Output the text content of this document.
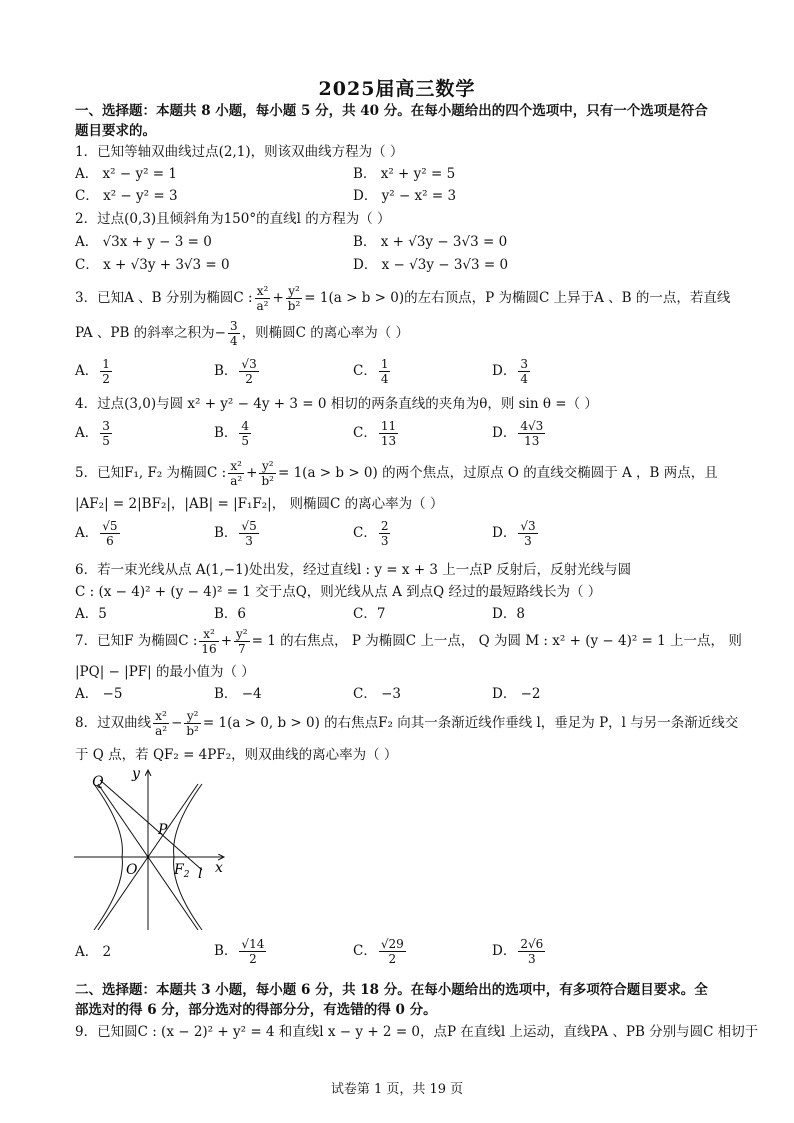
2025届高三数学
一、选择题：本题共 8 小题，每小题 5 分，共 40 分。在每小题给出的四个选项中，只有一个选项是符合
题目要求的。
1．已知等轴双曲线过点(2,1)，则该双曲线方程为（ ）
A． x² − y² = 1	B． x² + y² = 5
C． x² − y² = 3	D． y² − x² = 3
2．过点(0,3)且倾斜角为150°的直线l 的方程为（ ）
A． √3x + y − 3 = 0	B． x + √3y − 3√3 = 0
C． x + √3y + 3√3 = 0	D． x − √3y − 3√3 = 0
3．已知A 、B 分别为椭圆C : $\frac{\text{x²}}{\text{a²}} + \frac{\text{y²}}{\text{b²}} = 1(a > b > 0)$的左右顶点，P 为椭圆C 上异于A 、B 的一点，若直线
PA 、PB 的斜率之积为− $\frac{3}{4}$ ，则椭圆C 的离心率为（ ）
A． $\frac{1}{2}$	B． $\frac{√3}{2}$	C． $\frac{1}{4}$	D． $\frac{3}{4}$
4．过点(3,0)与圆 x² + y² − 4y + 3 = 0 相切的两条直线的夹角为θ，则 sin θ =（ ）
A． $\frac{3}{5}$	B． $\frac{4}{5}$	C． $\frac{11}{13}$	D． $\frac{4√3}{13}$
5．已知F₁, F₂ 为椭圆C : $\frac{\text{x²}}{\text{a²}} + \frac{\text{y²}}{\text{b²}} = 1(a > b > 0)$ 的两个焦点，过原点 O 的直线交椭圆于 A ，B 两点，且
|AF₂| = 2|BF₂|，|AB| = |F₁F₂|， 则椭圆C 的离心率为（ ）
A． $\frac{√5}{6}$	B． $\frac{√5}{3}$	C． $\frac{2}{3}$	D． $\frac{√3}{3}$
6．若一束光线从点 A(1,−1)处出发，经过直线l : y = x + 3 上一点P 反射后，反射光线与圆
C : (x − 4)² + (y − 4)² = 1 交于点Q，则光线从点 A 到点Q 经过的最短路线长为（ ）
A．5	B．6	C．7	D．8
7．已知F 为椭圆C : $\frac{\text{x²}}{16} + \frac{\text{y²}}{7} = 1$ 的右焦点， P 为椭圆C 上一点， Q 为圆 M : x² + (y − 4)² = 1 上一点， 则
|PQ| − |PF| 的最小值为（ ）
A． −5	B． −4	C． −3	D． −2
8．过双曲线 $\frac{\text{x²}}{\text{a²}} - \frac{\text{y²}}{\text{b²}} = 1(a > 0$, b > 0) 的右焦点F₂ 向其一条渐近线作垂线 l，垂足为 P，l 与另一条渐近线交
于 Q 点，若 QF₂ = 4PF₂，则双曲线的离心率为（ ）
Q y
P
O	$F_2$ l x
A． 2	B． $\frac{√14}{2}$	C． $\frac{√29}{2}$	D． $\frac{2√6}{3}$
二、选择题：本题共 3 小题，每小题 6 分，共 18 分。在每小题给出的选项中，有多项符合题目要求。全
部选对的得 6 分，部分选对的得部分分，有选错的得 0 分。
9．已知圆C : (x − 2)² + y² = 4 和直线l x − y + 2 = 0，点P 在直线l 上运动，直线PA 、PB 分别与圆C 相切于
试卷第 1 页，共 19 页
